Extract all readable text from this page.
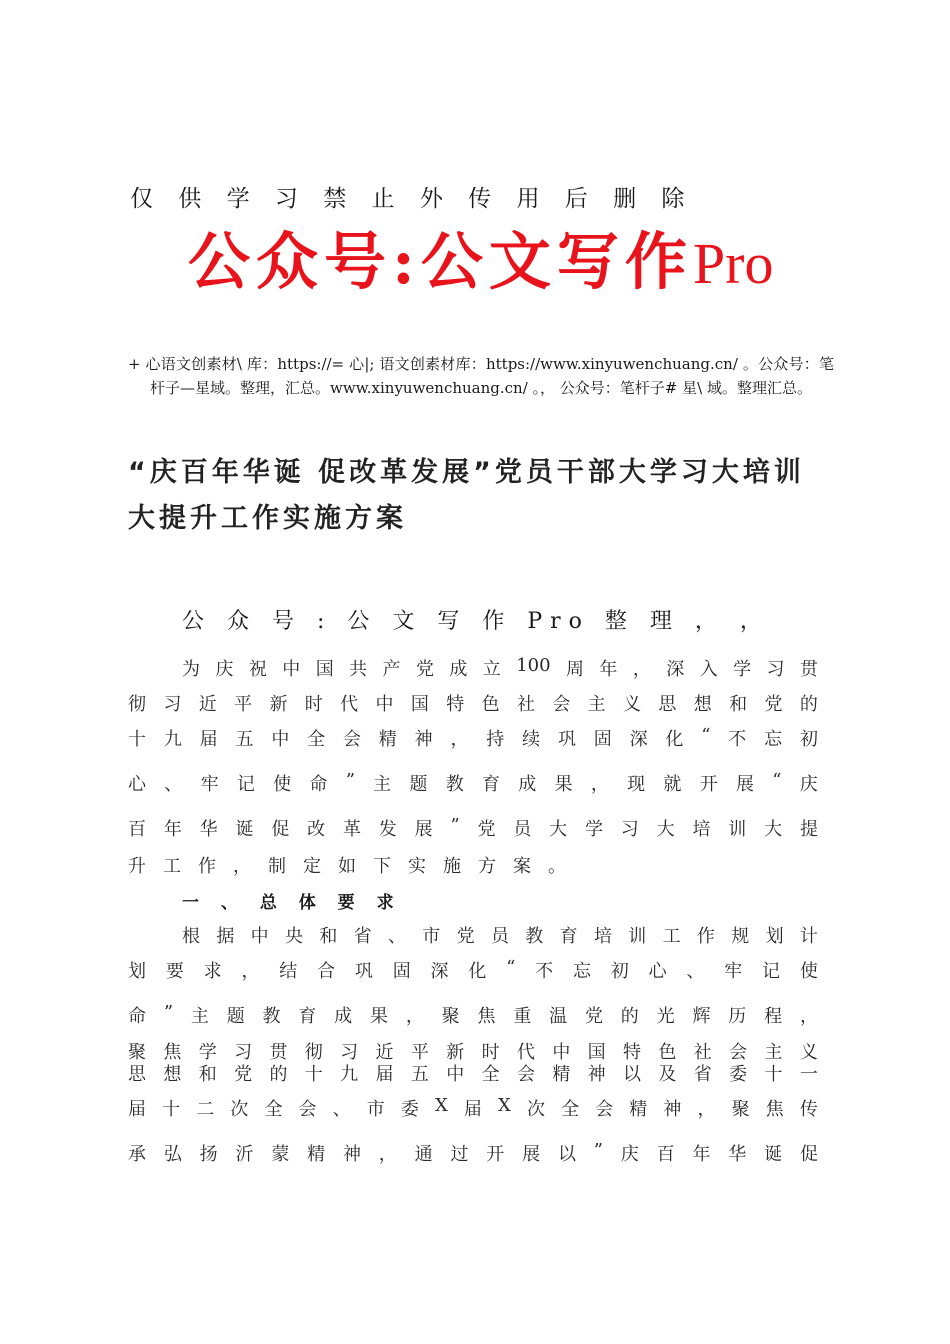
仅 供 学 习 禁 止 外 传 用 后 删 除
公众号:公文写作Pro
+ 心语文创素材\ 库：https://= 心|; 语文创素材库：https://www.xinyuwenchuang.cn/ 。公众号：笔杆子—星域。整理，汇总。www.xinyuwenchuang.cn/ 。， 公众号：笔杆子# 星\ 域。整理汇总。
“庆百年华诞 促改革发展”党员干部大学习大培训大提升工作实施方案
公 众 号 : 公 文 写 作 Pro 整 理 ， ，
为 庆 祝 中 国 共 产 党 成 立 100 周 年 ， 深 入 学 习 贯
彻 习 近 平 新 时 代 中 国 特 色 社 会 主 义 思 想 和 党 的
十 九 届 五 中 全 会 精 神 ， 持 续 巩 固 深 化 “ 不 忘 初
心 、 牢 记 使 命 ” 主 题 教 育 成 果 ， 现 就 开 展 “ 庆
百 年 华 诞 促 改 革 发 展 ” 党 员 大 学 习 大 培 训 大 提
升 工 作 ， 制 定 如 下 实 施 方 案 。
一 、 总 体 要 求
根 据 中 央 和 省 、 市 党 员 教 育 培 训 工 作 规 划 计
划 要 求 ， 结 合 巩 固 深 化 “ 不 忘 初 心 、 牢 记 使
命 ” 主 题 教 育 成 果 ， 聚 焦 重 温 党 的 光 辉 历 程 ，
聚 焦 学 习 贯 彻 习 近 平 新 时 代 中 国 特 色 社 会 主 义
思 想 和 党 的 十 九 届 五 中 全 会 精 神 以 及 省 委 十 一
届 十 二 次 全 会 、 市 委 X 届 X 次 全 会 精 神 ， 聚 焦 传
承 弘 扬 沂 蒙 精 神 ， 通 过 开 展 以 ” 庆 百 年 华 诞 促
